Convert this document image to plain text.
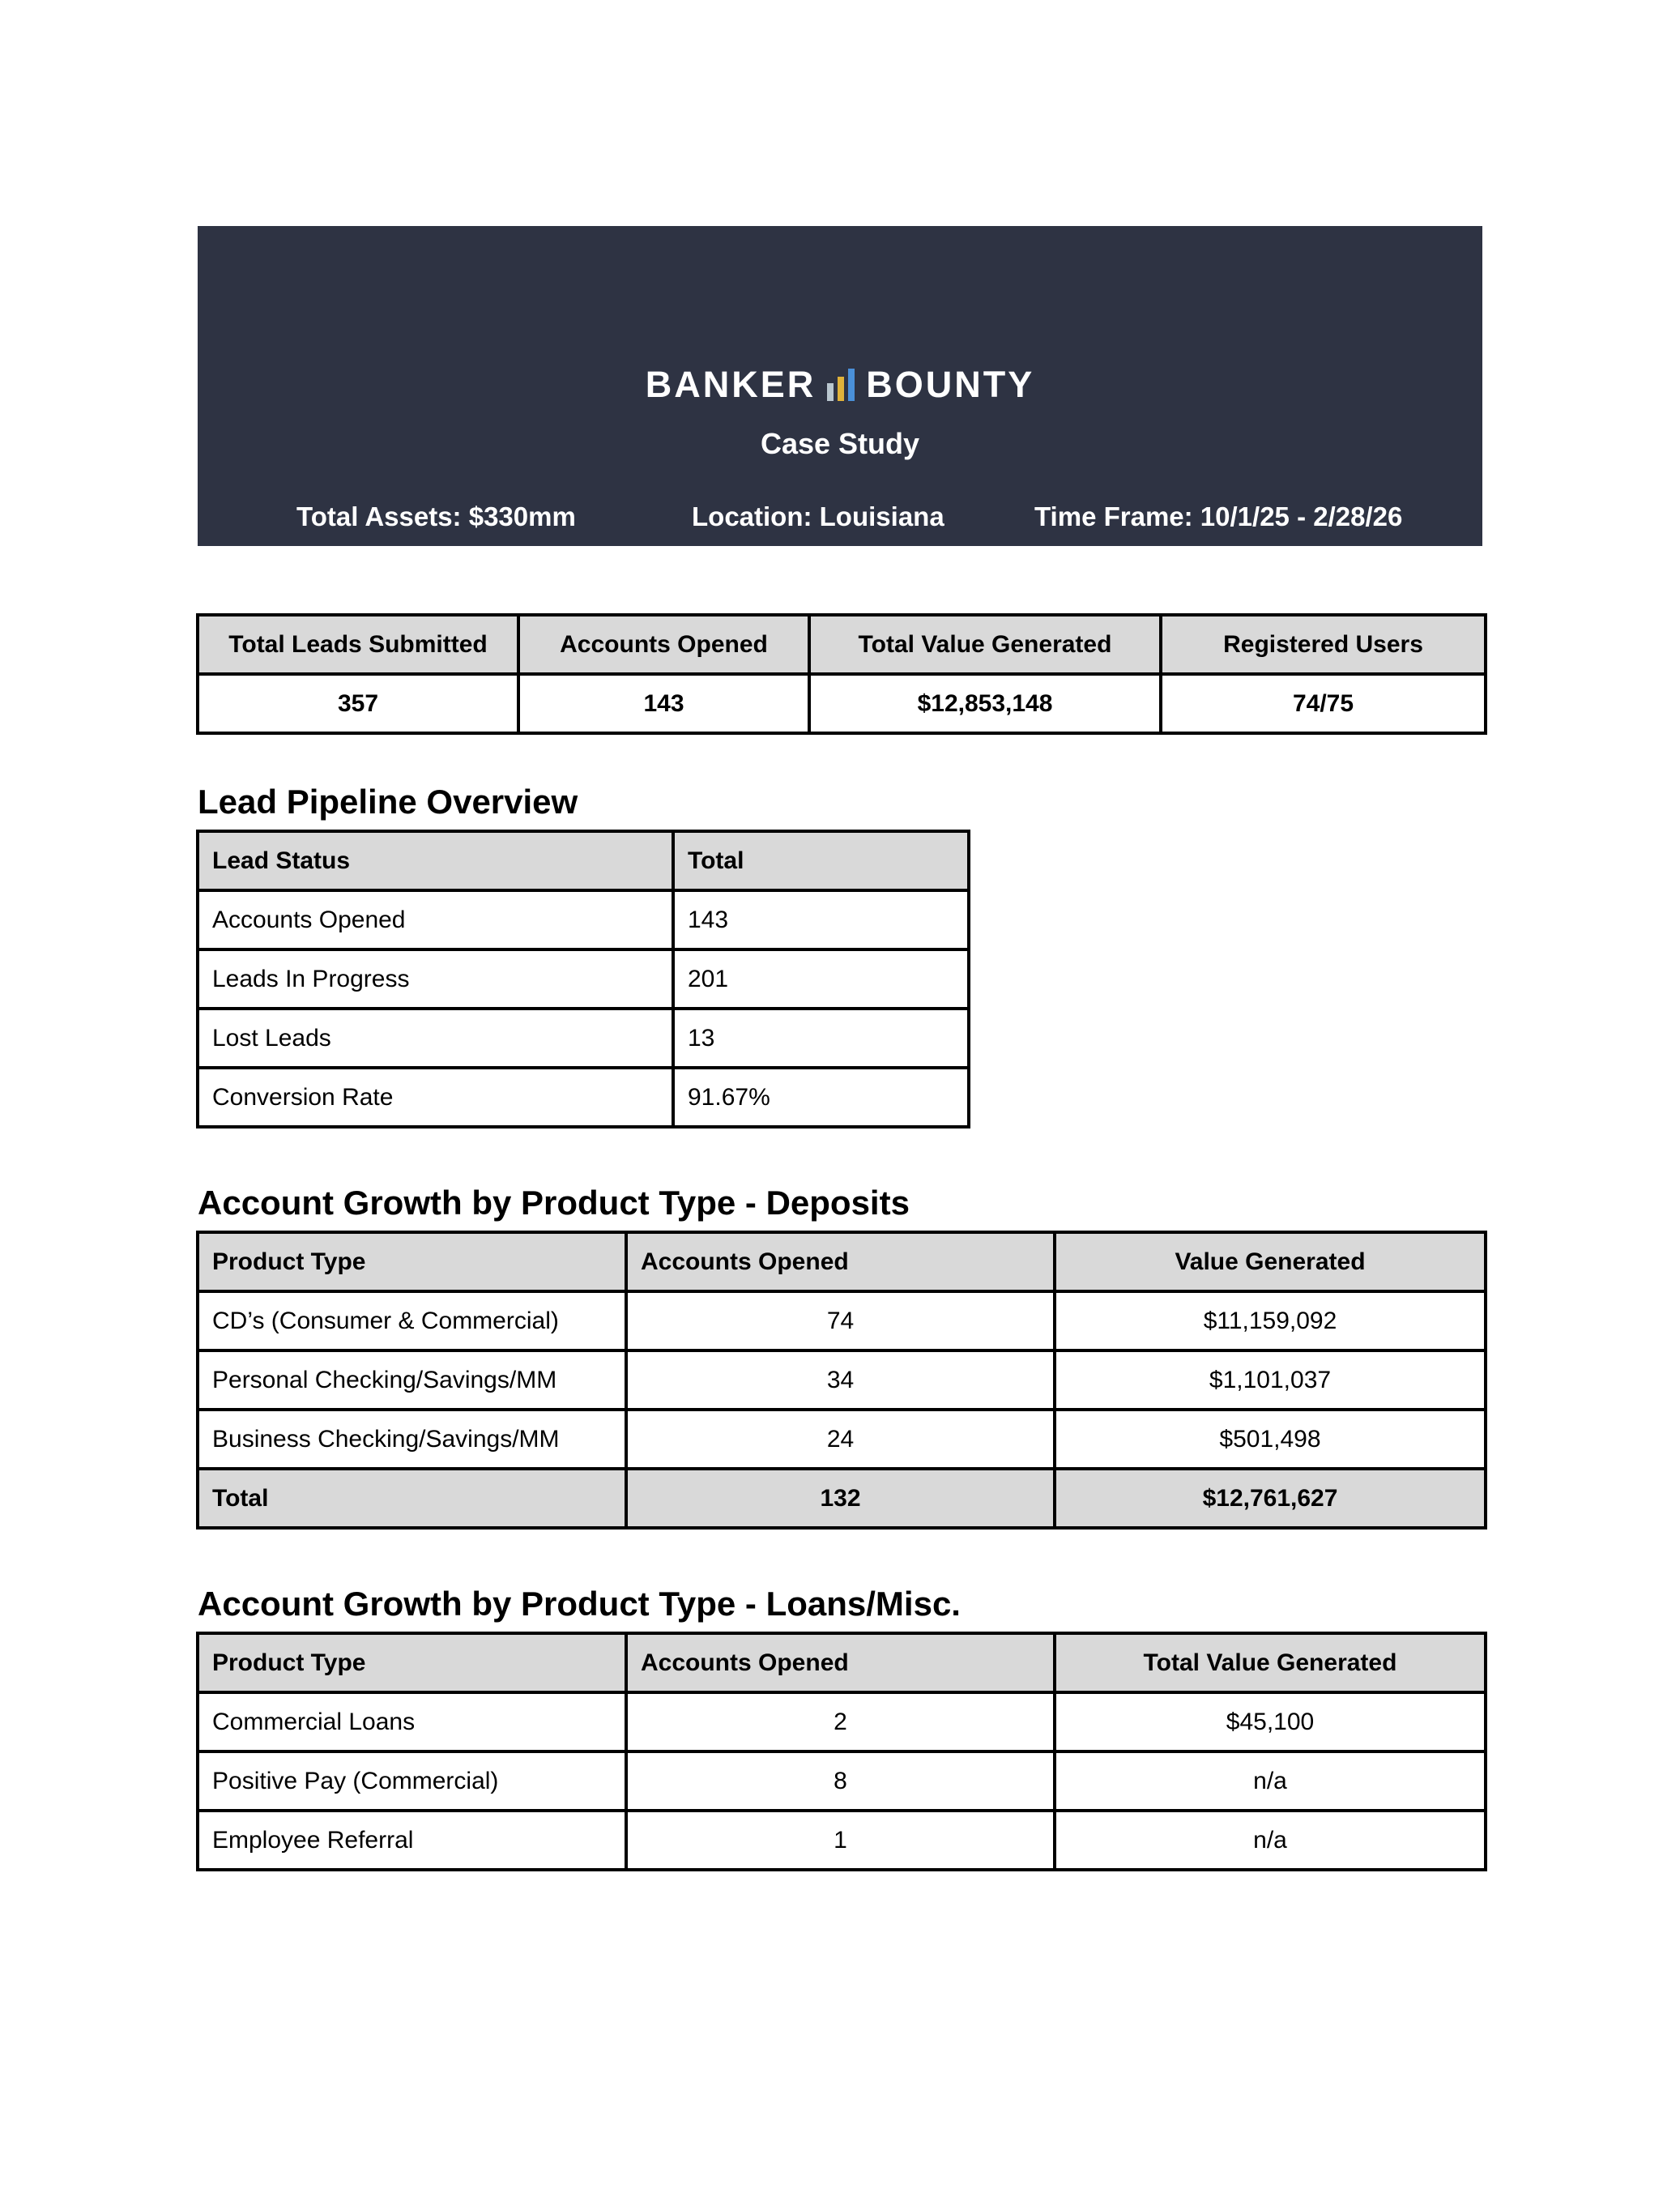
BANKER BOUNTY
Case Study
Total Assets: $330mm	Location: Louisiana	Time Frame: 10/1/25 - 2/28/26
Total Leads Submitted	Accounts Opened	Total Value Generated	Registered Users
357	143	$12,853,148	74/75
Lead Pipeline Overview
Lead Status	Total
Accounts Opened	143
Leads In Progress	201
Lost Leads	13
Conversion Rate	91.67%
Account Growth by Product Type - Deposits
Product Type	Accounts Opened	Value Generated
CD’s (Consumer & Commercial)	74	$11,159,092
Personal Checking/Savings/MM	34	$1,101,037
Business Checking/Savings/MM	24	$501,498
Total	132	$12,761,627
Account Growth by Product Type - Loans/Misc.
Product Type	Accounts Opened	Total Value Generated
Commercial Loans	2	$45,100
Positive Pay (Commercial)	8	n/a
Employee Referral	1	n/a
